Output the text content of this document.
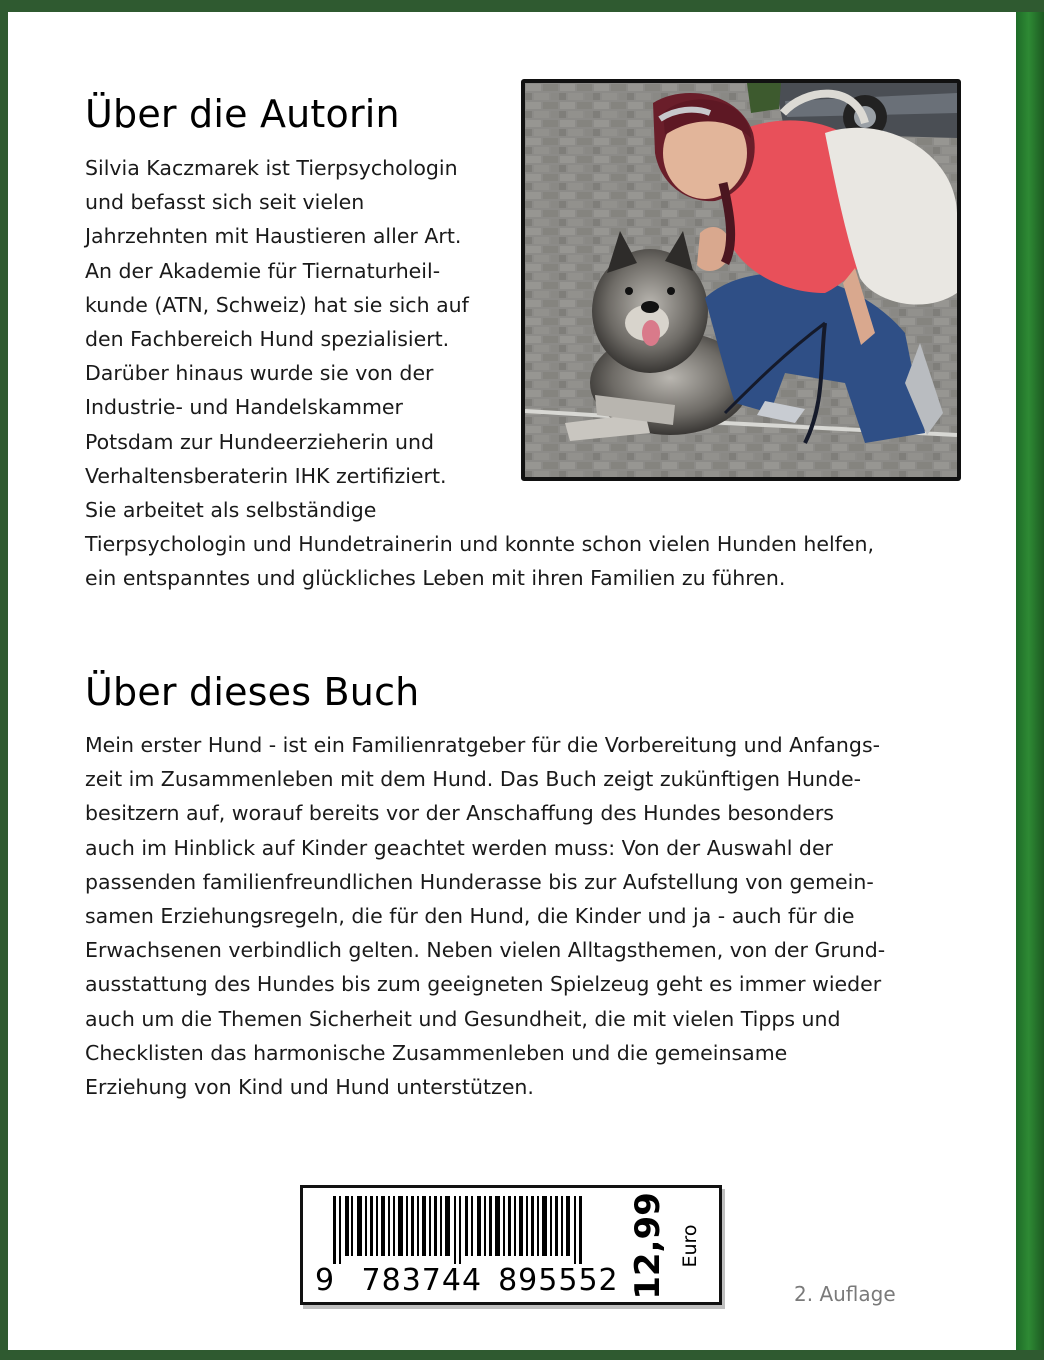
Über die Autorin
Silvia Kaczmarek ist Tierpsychologin
und befasst sich seit vielen
Jahrzehnten mit Haustieren aller Art.
An der Akademie für Tiernaturheil-
kunde (ATN, Schweiz) hat sie sich auf
den Fachbereich Hund spezialisiert.
Darüber hinaus wurde sie von der
Industrie- und Handelskammer
Potsdam zur Hundeerzieherin und
Verhaltensberaterin IHK zertifiziert.
Sie arbeitet als selbständige
Tierpsychologin und Hundetrainerin und konnte schon vielen Hunden helfen,
ein entspanntes und glückliches Leben mit ihren Familien zu führen.
Über dieses Buch
Mein erster Hund - ist ein Familienratgeber für die Vorbereitung und Anfangs-
zeit im Zusammenleben mit dem Hund. Das Buch zeigt zukünftigen Hunde-
besitzern auf, worauf bereits vor der Anschaffung des Hundes besonders
auch im Hinblick auf Kinder geachtet werden muss: Von der Auswahl der
passenden familienfreundlichen Hunderasse bis zur Aufstellung von gemein-
samen Erziehungsregeln, die für den Hund, die Kinder und ja - auch für die
Erwachsenen verbindlich gelten. Neben vielen Alltagsthemen, von der Grund-
ausstattung des Hundes bis zum geeigneten Spielzeug geht es immer wieder
auch um die Themen Sicherheit und Gesundheit, die mit vielen Tipps und
Checklisten das harmonische Zusammenleben und die gemeinsame
Erziehung von Kind und Hund unterstützen.
9 783744 895552 12,99 Euro
2. Auflage
